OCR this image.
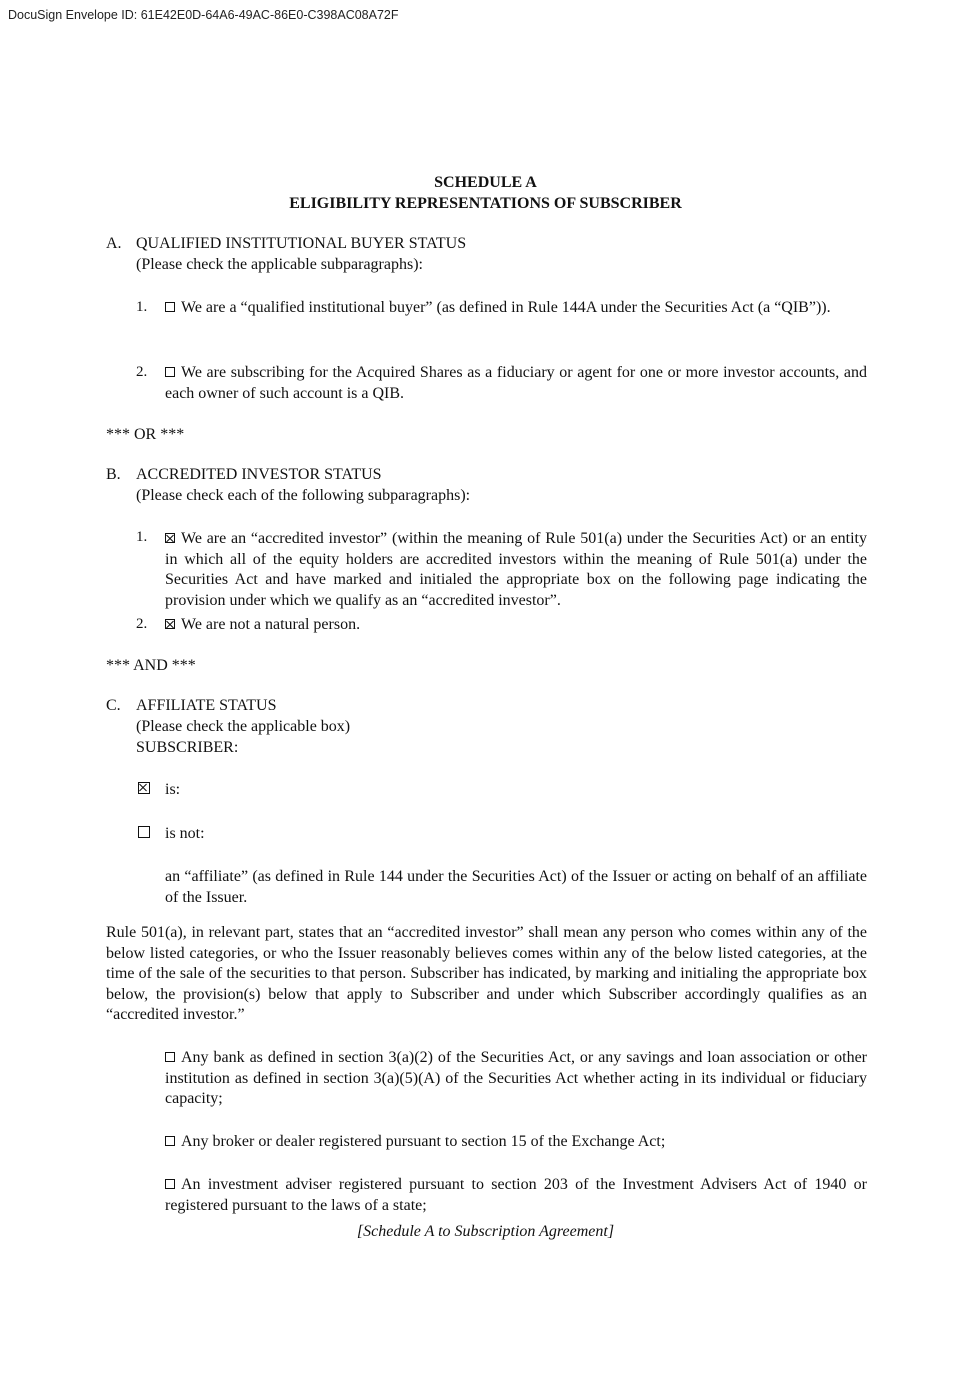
DocuSign Envelope ID: 61E42E0D-64A6-49AC-86E0-C398AC08A72F
SCHEDULE A
ELIGIBILITY REPRESENTATIONS OF SUBSCRIBER
A. QUALIFIED INSTITUTIONAL BUYER STATUS
(Please check the applicable subparagraphs):
1.	We are a “qualified institutional buyer” (as defined in Rule 144A under the Securities Act (a “QIB”)).
2.	We are subscribing for the Acquired Shares as a fiduciary or agent for one or more investor accounts, and each owner of such account is a QIB.
*** OR ***
B. ACCREDITED INVESTOR STATUS
(Please check each of the following subparagraphs):
1.	We are an “accredited investor” (within the meaning of Rule 501(a) under the Securities Act) or an entity in which all of the equity holders are accredited investors within the meaning of Rule 501(a) under the Securities Act and have marked and initialed the appropriate box on the following page indicating the provision under which we qualify as an “accredited investor”.
2.	We are not a natural person.
*** AND ***
C. AFFILIATE STATUS
(Please check the applicable box)
SUBSCRIBER:
is:
is not:
an “affiliate” (as defined in Rule 144 under the Securities Act) of the Issuer or acting on behalf of an affiliate of the Issuer.
Rule 501(a), in relevant part, states that an “accredited investor” shall mean any person who comes within any of the below listed categories, or who the Issuer reasonably believes comes within any of the below listed categories, at the time of the sale of the securities to that person. Subscriber has indicated, by marking and initialing the appropriate box below, the provision(s) below that apply to Subscriber and under which Subscriber accordingly qualifies as an “accredited investor.”
Any bank as defined in section 3(a)(2) of the Securities Act, or any savings and loan association or other institution as defined in section 3(a)(5)(A) of the Securities Act whether acting in its individual or fiduciary capacity;
Any broker or dealer registered pursuant to section 15 of the Exchange Act;
An investment adviser registered pursuant to section 203 of the Investment Advisers Act of 1940 or registered pursuant to the laws of a state;
[Schedule A to Subscription Agreement]
